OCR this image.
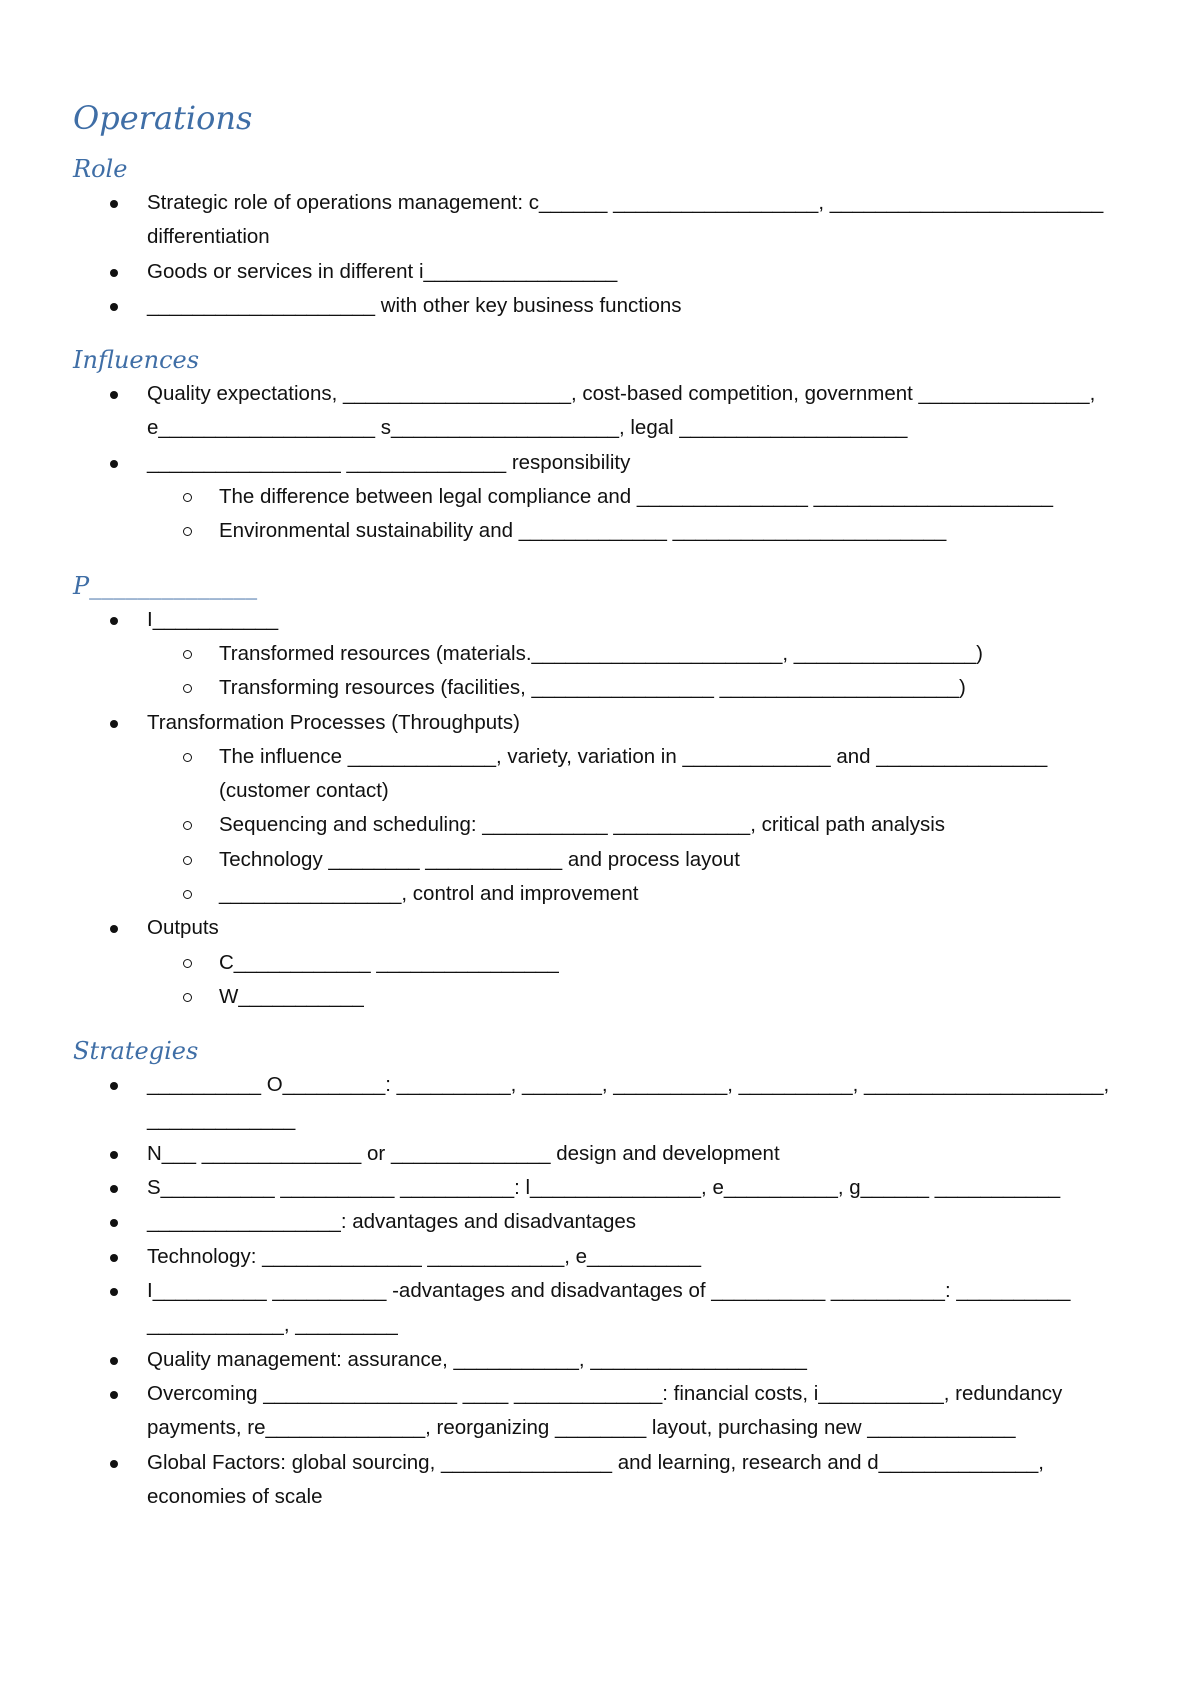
Operations
Role
Strategic role of operations management: c______ __________________, ________________________ differentiation
Goods or services in different i_________________
____________________ with other key business functions
Influences
Quality expectations, ____________________, cost-based competition, government _______________, e___________________ s____________________, legal ____________________
_________________ ______________ responsibility
The difference between legal compliance and _______________ _____________________
Environmental sustainability and _____________ ________________________
P______________
I___________
Transformed resources (materials.______________________, ________________)
Transforming resources (facilities, ________________ _____________________)
Transformation Processes (Throughputs)
The influence _____________, variety, variation in _____________ and _______________ (customer contact)
Sequencing and scheduling: ___________ ____________, critical path analysis
Technology ________ ____________ and process layout
________________, control and improvement
Outputs
C____________ ________________
W___________
Strategies
__________ O_________: __________, _______, __________, __________, _____________________, _____________
N___ ______________ or ______________ design and development
S__________ __________ __________: l_______________, e__________, g______ ___________
_________________: advantages and disadvantages
Technology: ______________ ____________, e__________
I__________ __________ -advantages and disadvantages of __________ __________: __________ ____________, _________
Quality management: assurance, ___________, ___________________
Overcoming _________________ ____ _____________: financial costs, i___________, redundancy payments, re______________, reorganizing ________ layout, purchasing new _____________
Global Factors: global sourcing, _______________ and learning, research and d______________, economies of scale
